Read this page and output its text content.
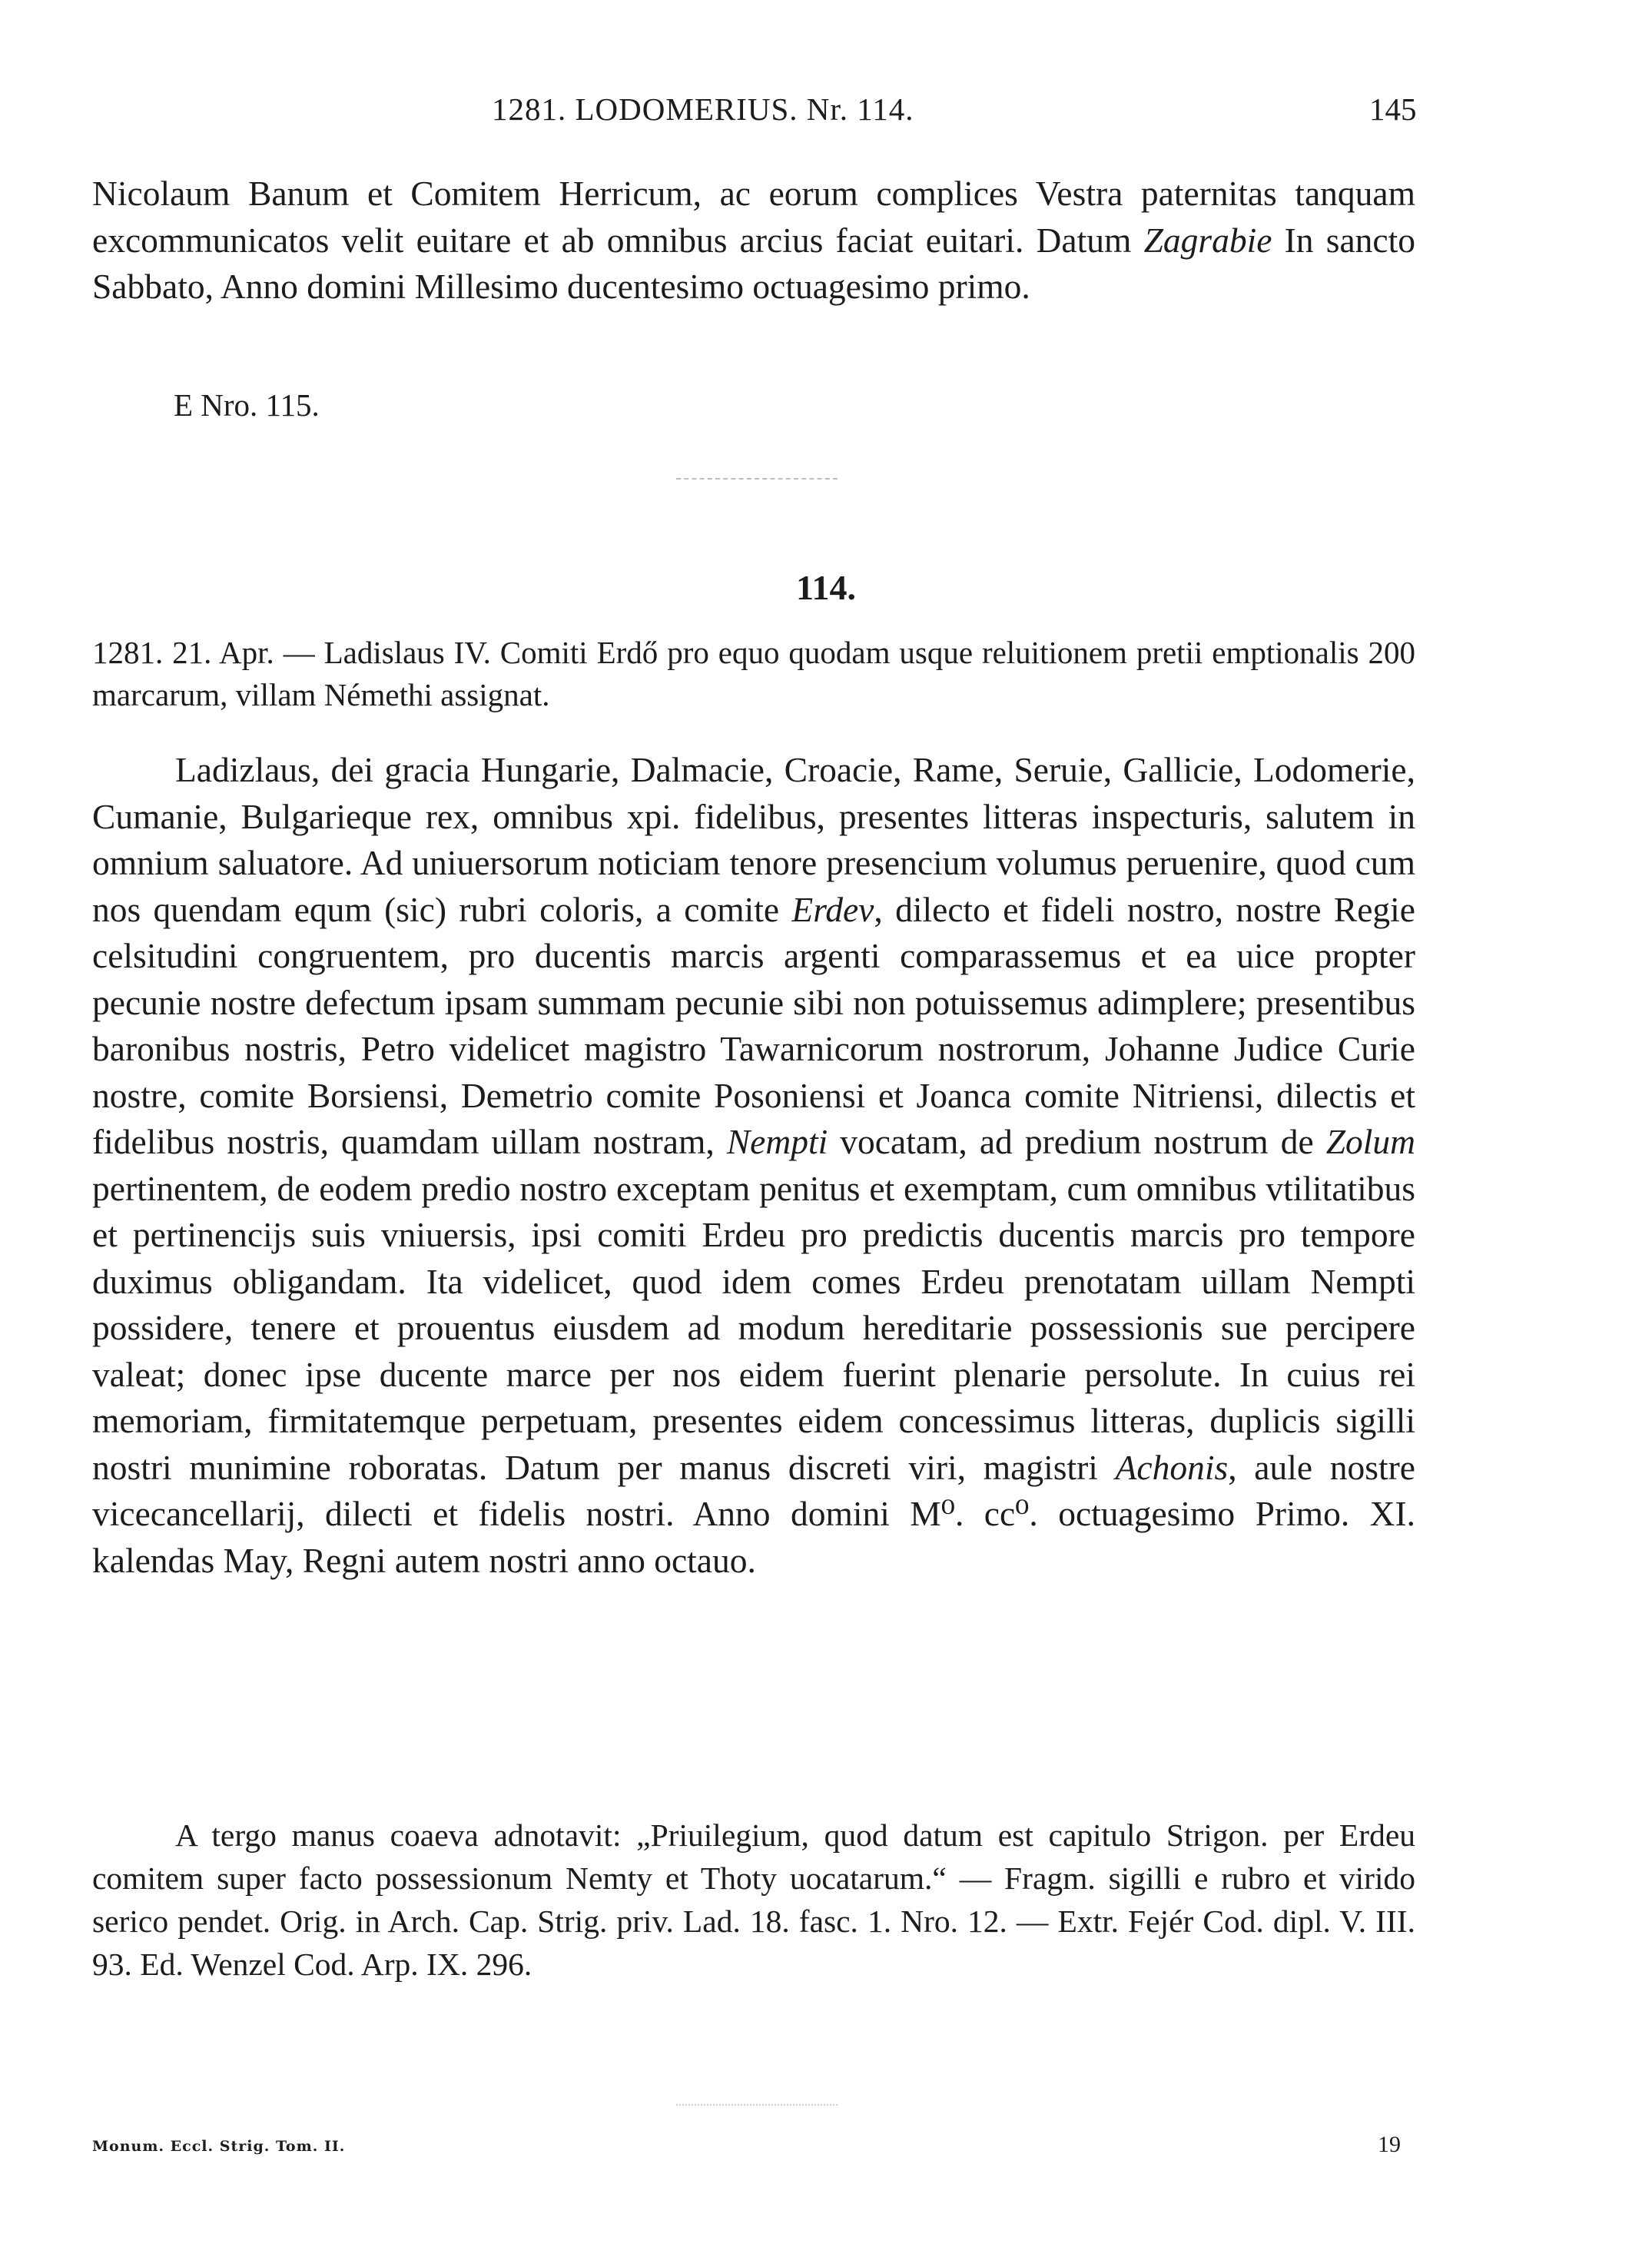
1281. LODOMERIUS. Nr. 114.	145

Nicolaum Banum et Comitem Herricum, ac eorum complices Vestra paternitas tanquam excommunicatos velit euitare et ab omnibus arcius faciat euitari. Datum Zagrabie In sancto Sabbato, Anno domini Millesimo ducentesimo octuagesimo primo.

E Nro. 115.
114.

1281. 21. Apr. — Ladislaus IV. Comiti Erdő pro equo quodam usque reluitionem pretii emptionalis 200 marcarum, villam Némethi assignat.

Ladizlaus, dei gracia Hungarie, Dalmacie, Croacie, Rame, Seruie, Gallicie, Lodomerie, Cumanie, Bulgarieque rex, omnibus xpi. fidelibus, presentes litteras inspecturis, salutem in omnium saluatore. Ad uniuersorum noticiam tenore presencium volumus peruenire, quod cum nos quendam equm (sic) rubri coloris, a comite Erdev, dilecto et fideli nostro, nostre Regie celsitudini congruentem, pro ducentis marcis argenti comparassemus et ea uice propter pecunie nostre defectum ipsam summam pecunie sibi non potuissemus adimplere; presentibus baronibus nostris, Petro videlicet magistro Tawarnicorum nostrorum, Johanne Judice Curie nostre, comite Borsiensi, Demetrio comite Posoniensi et Joanca comite Nitriensi, dilectis et fidelibus nostris, quamdam uillam nostram, Nempti vocatam, ad predium nostrum de Zolum pertinentem, de eodem predio nostro exceptam penitus et exemptam, cum omnibus vtilitatibus et pertinencijs suis vniuersis, ipsi comiti Erdeu pro predictis ducentis marcis pro tempore duximus obligandam. Ita videlicet, quod idem comes Erdeu prenotatam uillam Nempti possidere, tenere et prouentus eiusdem ad modum hereditarie possessionis sue percipere valeat; donec ipse ducente marce per nos eidem fuerint plenarie persolute. In cuius rei memoriam, firmitatemque perpetuam, presentes eidem concessimus litteras, duplicis sigilli nostri munimine roboratas. Datum per manus discreti viri, magistri Achonis, aule nostre vicecancellarij, dilecti et fidelis nostri. Anno domini M⁰. cc⁰. octuagesimo Primo. XI. kalendas May, Regni autem nostri anno octauo.

A tergo manus coaeva adnotavit: „Priuilegium, quod datum est capitulo Strigon. per Erdeu comitem super facto possessionum Nemty et Thoty uocatarum.“ — Fragm. sigilli e rubro et virido serico pendet. Orig. in Arch. Cap. Strig. priv. Lad. 18. fasc. 1. Nro. 12. — Extr. Fejér Cod. dipl. V. III. 93. Ed. Wenzel Cod. Arp. IX. 296.

Monum. Eccl. Strig. Tom. II.	19
